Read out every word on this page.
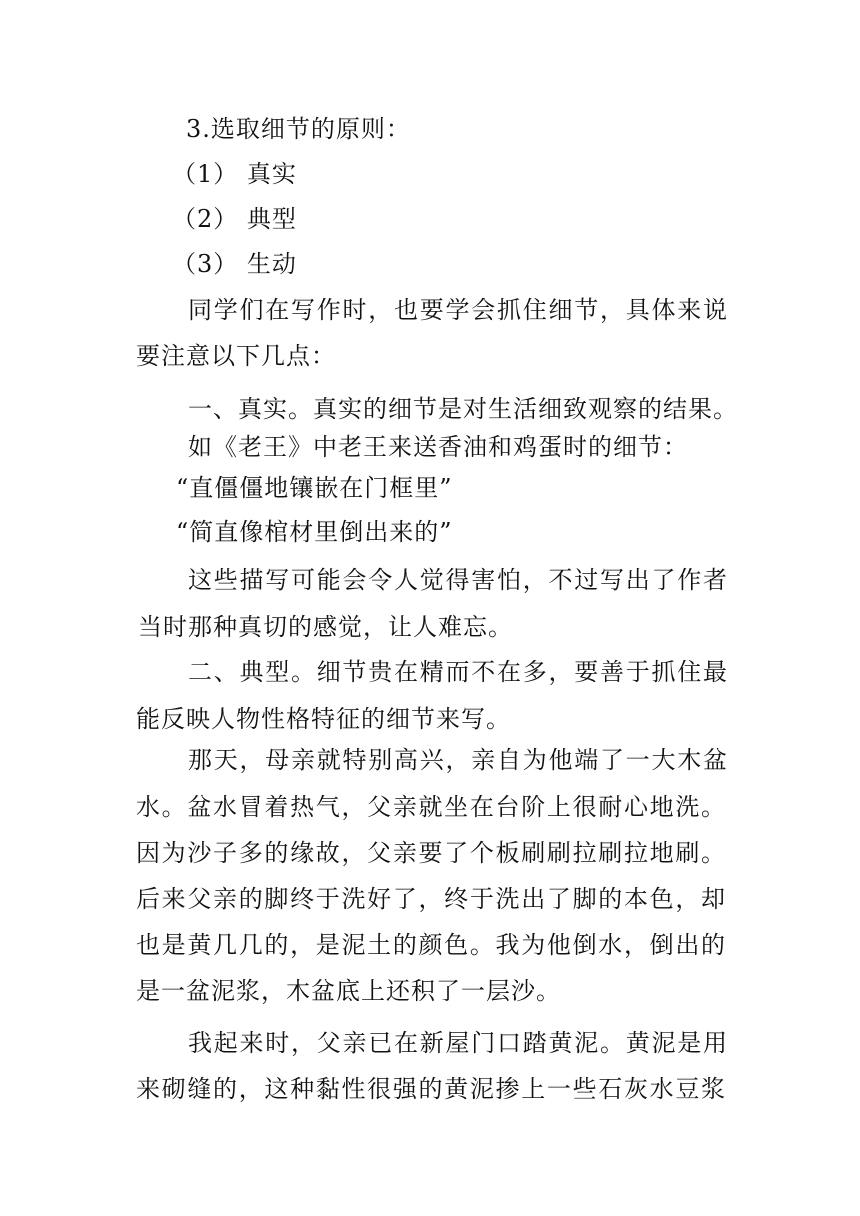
3.选取细节的原则：
（1） 真实
（2） 典型
（3） 生动
同学们在写作时，也要学会抓住细节，具体来说
要注意以下几点：
一、真实。真实的细节是对生活细致观察的结果。
如《老王》中老王来送香油和鸡蛋时的细节：
“直僵僵地镶嵌在门框里”
“简直像棺材里倒出来的”
这些描写可能会令人觉得害怕，不过写出了作者
当时那种真切的感觉，让人难忘。
二、典型。细节贵在精而不在多，要善于抓住最
能反映人物性格特征的细节来写。
那天，母亲就特别高兴，亲自为他端了一大木盆
水。盆水冒着热气，父亲就坐在台阶上很耐心地洗。
因为沙子多的缘故，父亲要了个板刷刷拉刷拉地刷。
后来父亲的脚终于洗好了，终于洗出了脚的本色，却
也是黄几几的，是泥土的颜色。我为他倒水，倒出的
是一盆泥浆，木盆底上还积了一层沙。
我起来时，父亲已在新屋门口踏黄泥。黄泥是用
来砌缝的，这种黏性很强的黄泥掺上一些石灰水豆浆
